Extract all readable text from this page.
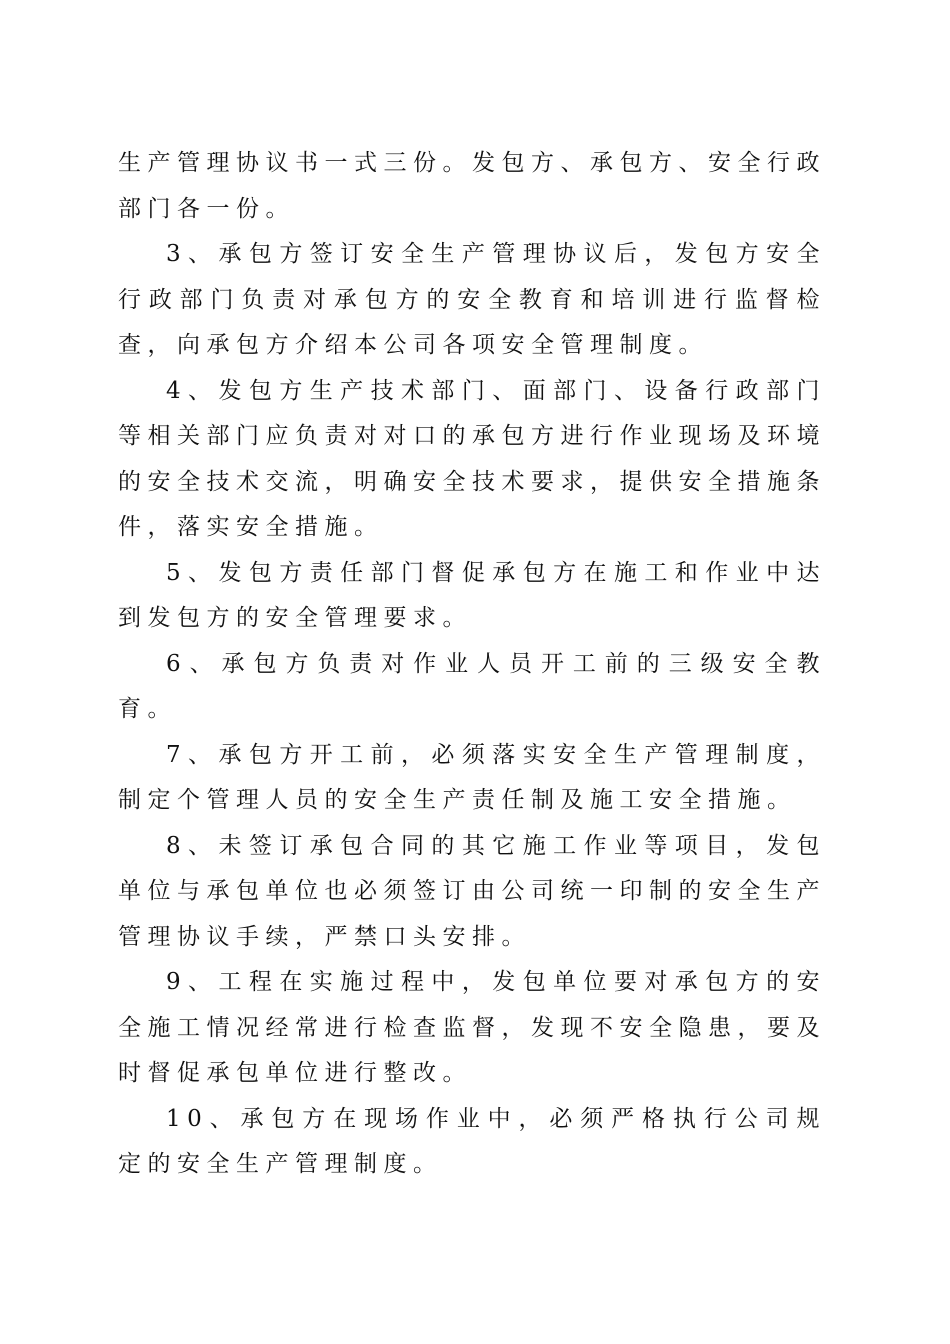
生产管理协议书一式三份。发包方、承包方、安全行政部门各一份。

3、承包方签订安全生产管理协议后，发包方安全行政部门负责对承包方的安全教育和培训进行监督检查，向承包方介绍本公司各项安全管理制度。

4、发包方生产技术部门、面部门、设备行政部门等相关部门应负责对对口的承包方进行作业现场及环境的安全技术交流，明确安全技术要求，提供安全措施条件，落实安全措施。

5、发包方责任部门督促承包方在施工和作业中达到发包方的安全管理要求。

6、承包方负责对作业人员开工前的三级安全教育。

7、承包方开工前，必须落实安全生产管理制度，制定个管理人员的安全生产责任制及施工安全措施。

8、未签订承包合同的其它施工作业等项目，发包单位与承包单位也必须签订由公司统一印制的安全生产管理协议手续，严禁口头安排。

9、工程在实施过程中，发包单位要对承包方的安全施工情况经常进行检查监督，发现不安全隐患，要及时督促承包单位进行整改。

10、承包方在现场作业中，必须严格执行公司规定的安全生产管理制度。
